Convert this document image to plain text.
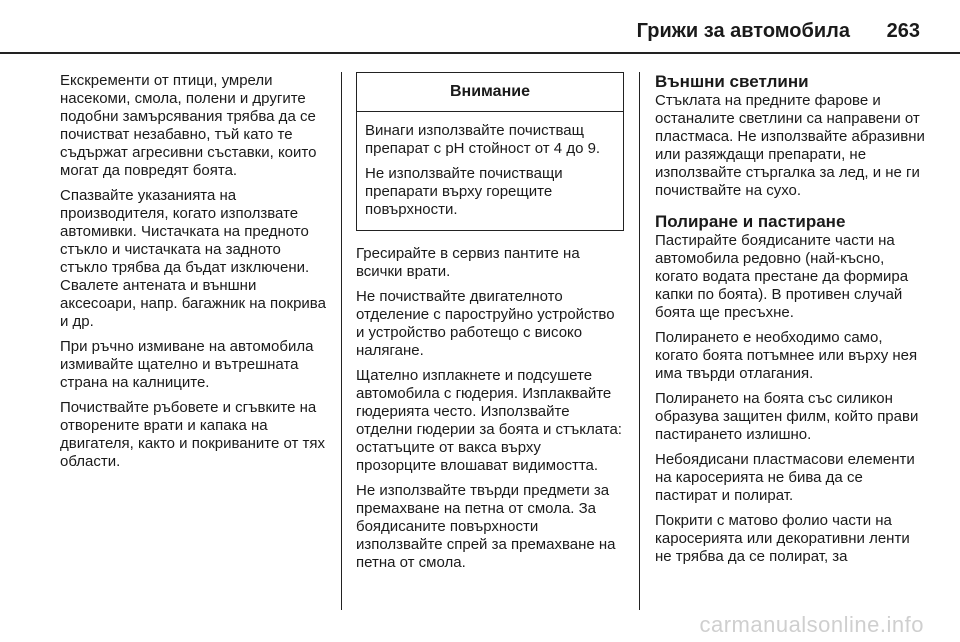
Грижи за автомобила 263

Екскременти от птици, умрели насекоми, смола, полени и другите подобни замърсявания трябва да се почистват незабавно, тъй като те съдържат агресивни съставки, които могат да повредят боята.

Спазвайте указанията на производителя, когато използвате автомивки. Чистачката на предното стъкло и чистачката на задното стъкло трябва да бъдат изключени. Свалете антената и външни аксесоари, напр. багажник на покрива и др.

При ръчно измиване на автомобила измивайте щателно и вътрешната страна на калниците.

Почиствайте ръбовете и сгъвките на отворените врати и капака на двигателя, както и покриваните от тях области.

Внимание

Винаги използвайте почистващ препарат с pH стойност от 4 до 9.

Не използвайте почистващи препарати върху горещите повърхности.

Гресирайте в сервиз пантите на всички врати.

Не почиствайте двигателното отделение с пароструйно устройство и устройство работещо с високо налягане.

Щателно изплакнете и подсушете автомобила с гюдерия. Изплаквайте гюдерията често. Използвайте отделни гюдерии за боята и стъклата: остатъците от вакса върху прозорците влошават видимостта.

Не използвайте твърди предмети за премахване на петна от смола. За боядисаните повърхности използвайте спрей за премахване на петна от смола.

Външни светлини

Стъклата на предните фарове и останалите светлини са направени от пластмаса. Не използвайте абразивни или разяждащи препарати, не използвайте стъргалка за лед, и не ги почиствайте на сухо.

Полиране и пастиране

Пастирайте боядисаните части на автомобила редовно (най-късно, когато водата престане да формира капки по боята). В противен случай боята ще пресъхне.

Полирането е необходимо само, когато боята потъмнее или върху нея има твърди отлагания.

Полирането на боята със силикон образува защитен филм, който прави пастирането излишно.

Небоядисани пластмасови елементи на каросерията не бива да се пастират и полират.

Покрити с матово фолио части на каросерията или декоративни ленти не трябва да се полират, за

carmanualsonline.info
